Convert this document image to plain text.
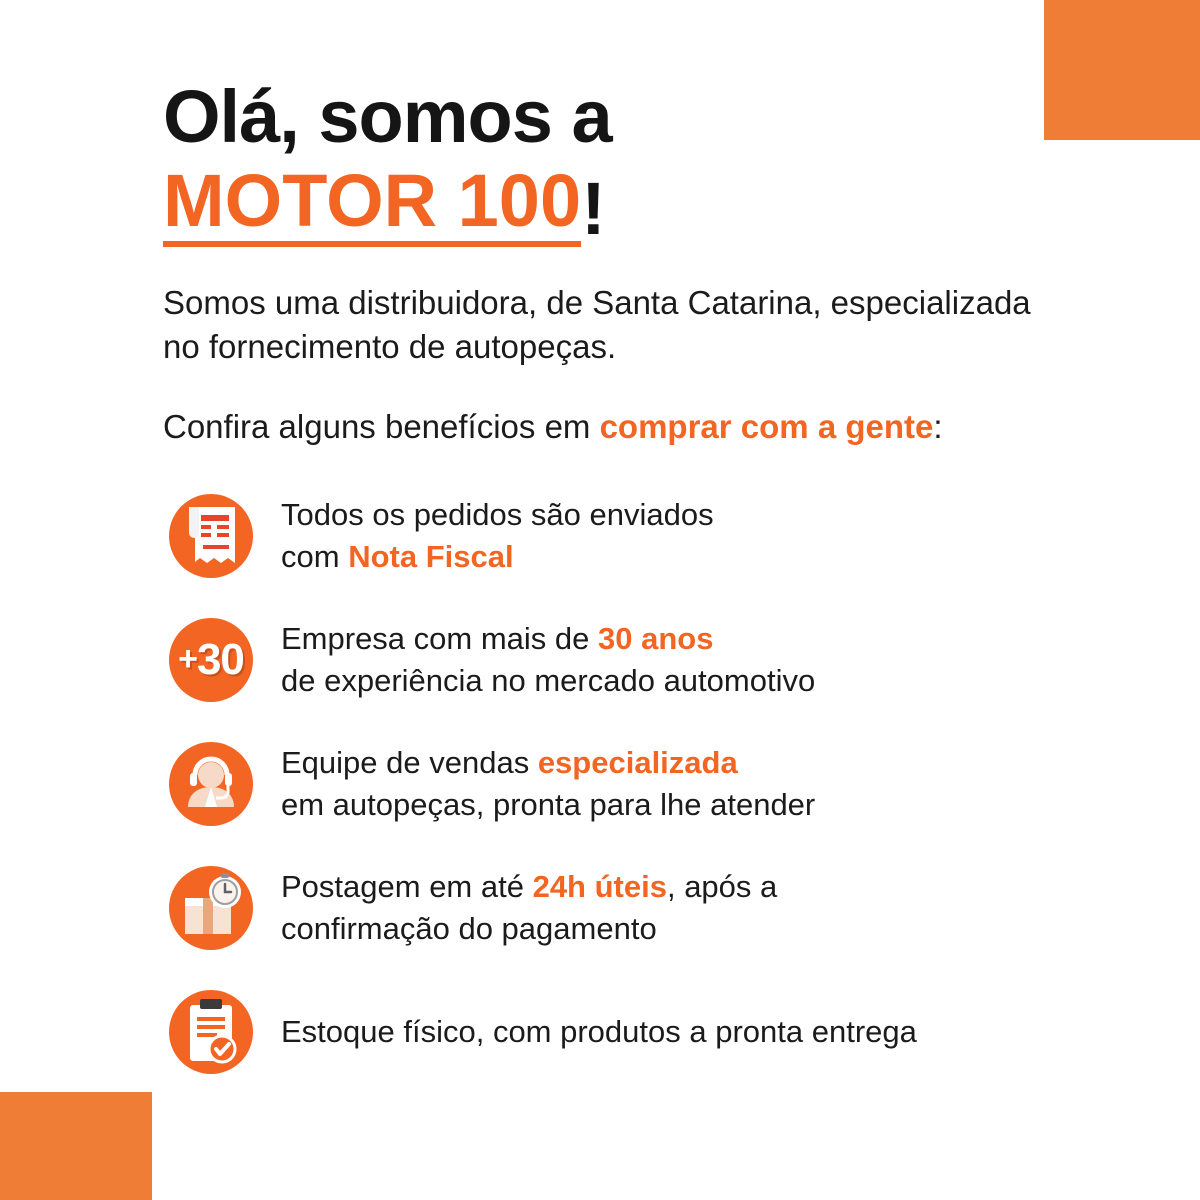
Olá, somos a
MOTOR 100 !

Somos uma distribuidora, de Santa Catarina, especializada no fornecimento de autopeças.

Confira alguns benefícios em comprar com a gente:

Todos os pedidos são enviados
com Nota Fiscal
+30 Empresa com mais de 30 anos
de experiência no mercado automotivo
Equipe de vendas especializada
em autopeças, pronta para lhe atender
Postagem em até 24h úteis, após a
confirmação do pagamento
Estoque físico, com produtos a pronta entrega
